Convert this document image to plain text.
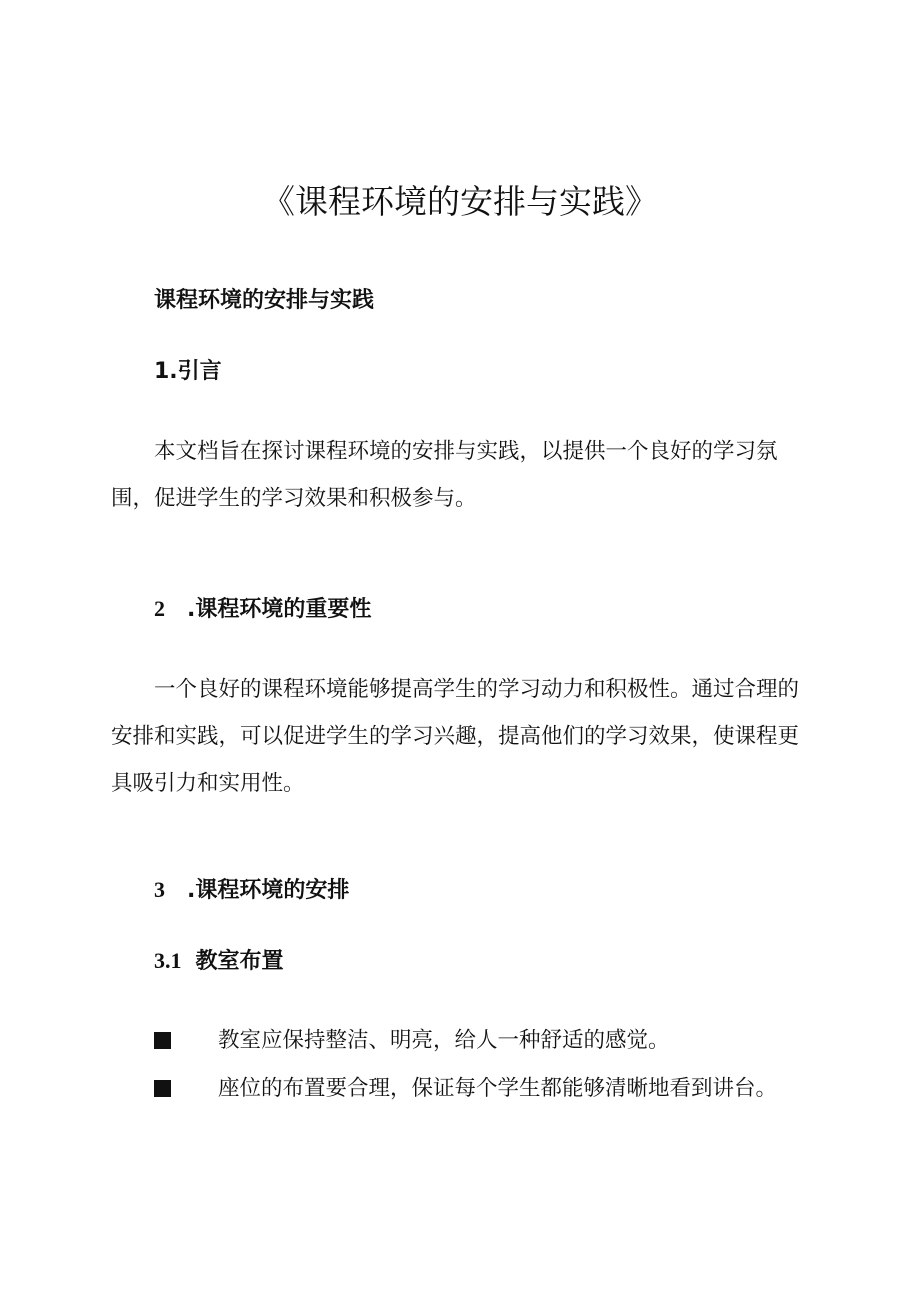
《课程环境的安排与实践》
课程环境的安排与实践
1.引言

本文档旨在探讨课程环境的安排与实践，以提供一个良好的学习氛围，促进学生的学习效果和积极参与。

2 .课程环境的重要性

一个良好的课程环境能够提高学生的学习动力和积极性。通过合理的安排和实践，可以促进学生的学习兴趣，提高他们的学习效果，使课程更具吸引力和实用性。

3 .课程环境的安排
3.1 教室布置
教室应保持整洁、明亮，给人一种舒适的感觉。
座位的布置要合理，保证每个学生都能够清晰地看到讲台。
